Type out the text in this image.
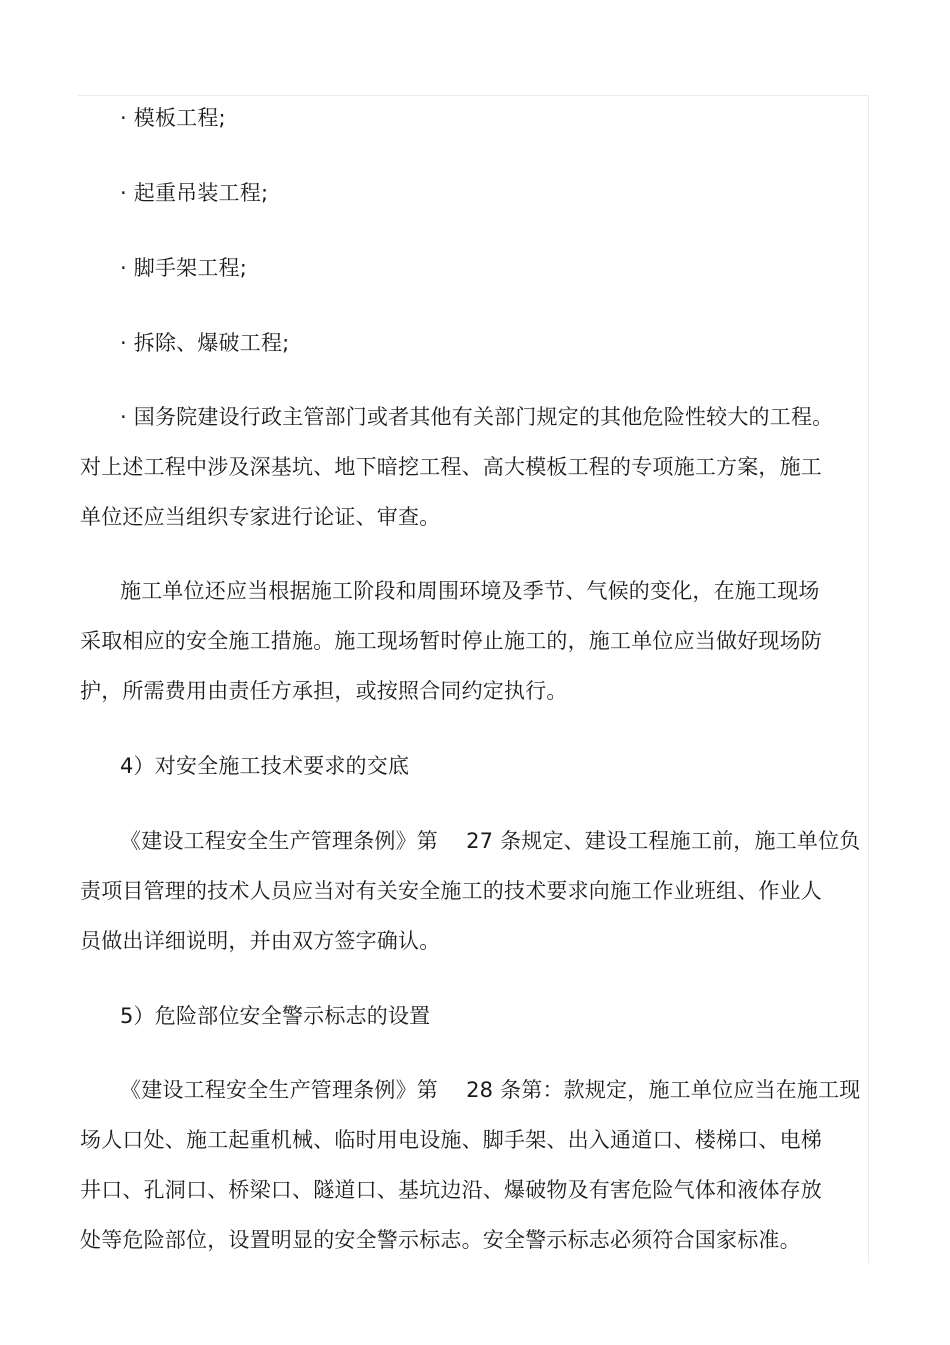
· 模板工程;
· 起重吊装工程;
· 脚手架工程;
· 拆除、爆破工程;
· 国务院建设行政主管部门或者其他有关部门规定的其他危险性较大的工程。
对上述工程中涉及深基坑、地下暗挖工程、高大模板工程的专项施工方案，施工
单位还应当组织专家进行论证、审查。
施工单位还应当根据施工阶段和周围环境及季节、气候的变化，在施工现场
采取相应的安全施工措施。施工现场暂时停止施工的，施工单位应当做好现场防
护，所需费用由责任方承担，或按照合同约定执行。
4）对安全施工技术要求的交底
《建设工程安全生产管理条例》第　 27 条规定、建设工程施工前，施工单位负
责项目管理的技术人员应当对有关安全施工的技术要求向施工作业班组、作业人
员做出详细说明，并由双方签字确认。
5）危险部位安全警示标志的设置
《建设工程安全生产管理条例》第　 28 条第：款规定，施工单位应当在施工现
场人口处、施工起重机械、临时用电设施、脚手架、出入通道口、楼梯口、电梯
井口、孔洞口、桥梁口、隧道口、基坑边沿、爆破物及有害危险气体和液体存放
处等危险部位，设置明显的安全警示标志。安全警示标志必须符合国家标准。
